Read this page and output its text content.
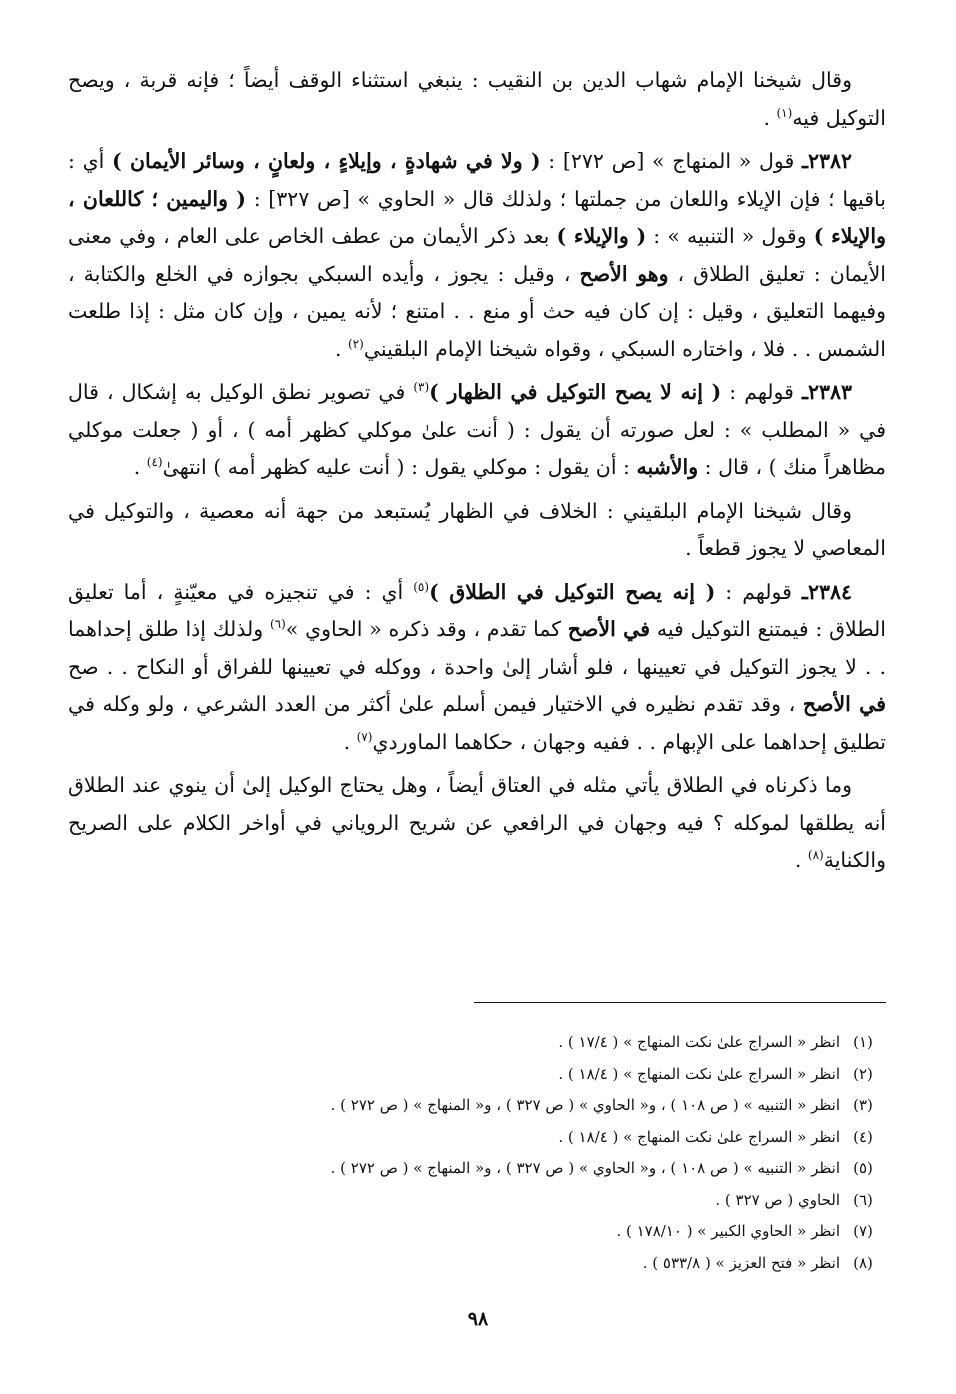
وقال شيخنا الإمام شهاب الدين بن النقيب : ينبغي استثناء الوقف أيضاً ؛ فإنه قربة ، ويصح التوكيل فيه$^{(١)}$ .

٢٣٨٢ـ قول « المنهاج » [ص ٢٧٢] : ( ولا في شهادةٍ ، وإيلاءٍ ، ولعانٍ ، وسائر الأيمان ) أي : باقيها ؛ فإن الإيلاء واللعان من جملتها ؛ ولذلك قال « الحاوي » [ص ٣٢٧] : ( واليمين ؛ كاللعان ، والإيلاء ) وقول « التنبيه » : ( والإيلاء ) بعد ذكر الأيمان من عطف الخاص على العام ، وفي معنى الأيمان : تعليق الطلاق ، وهو الأصح ، وقيل : يجوز ، وأيده السبكي بجوازه في الخلع والكتابة ، وفيهما التعليق ، وقيل : إن كان فيه حث أو منع . . امتنع ؛ لأنه يمين ، وإن كان مثل : إذا طلعت الشمس . . فلا ، واختاره السبكي ، وقواه شيخنا الإمام البلقيني$^{(٢)}$ .

٢٣٨٣ـ قولهم : ( إنه لا يصح التوكيل في الظهار )$^{(٣)}$ في تصوير نطق الوكيل به إشكال ، قال في « المطلب » : لعل صورته أن يقول : ( أنت علىٰ موكلي كظهر أمه ) ، أو ( جعلت موكلي مظاهراً منك ) ، قال : والأشبه : أن يقول : موكلي يقول : ( أنت عليه كظهر أمه ) انتهىٰ$^{(٤)}$ .

وقال شيخنا الإمام البلقيني : الخلاف في الظهار يُستبعد من جهة أنه معصية ، والتوكيل في المعاصي لا يجوز قطعاً .

٢٣٨٤ـ قولهم : ( إنه يصح التوكيل في الطلاق )$^{(٥)}$ أي : في تنجيزه في معيّنةٍ ، أما تعليق الطلاق : فيمتنع التوكيل فيه في الأصح كما تقدم ، وقد ذكره « الحاوي »$^{(٦)}$ ولذلك إذا طلق إحداهما . . لا يجوز التوكيل في تعيينها ، فلو أشار إلىٰ واحدة ، ووكله في تعيينها للفراق أو النكاح . . صح في الأصح ، وقد تقدم نظيره في الاختيار فيمن أسلم علىٰ أكثر من العدد الشرعي ، ولو وكله في تطليق إحداهما على الإبهام . . ففيه وجهان ، حكاهما الماوردي$^{(٧)}$ .

وما ذكرناه في الطلاق يأتي مثله في العتاق أيضاً ، وهل يحتاج الوكيل إلىٰ أن ينوي عند الطلاق أنه يطلقها لموكله ؟ فيه وجهان في الرافعي عن شريح الروياني في أواخر الكلام على الصريح والكناية$^{(٨)}$ .

(١)
انظر « السراج علىٰ نكت المنهاج » ( ١٧/٤ ) .
(٢)
انظر « السراج علىٰ نكت المنهاج » ( ١٨/٤ ) .
(٣)
انظر « التنبيه » ( ص ١٠٨ ) ، و« الحاوي » ( ص ٣٢٧ ) ، و« المنهاج » ( ص ٢٧٢ ) .
(٤)
انظر « السراج علىٰ نكت المنهاج » ( ١٨/٤ ) .
(٥)
انظر « التنبيه » ( ص ١٠٨ ) ، و« الحاوي » ( ص ٣٢٧ ) ، و« المنهاج » ( ص ٢٧٢ ) .
(٦)
الحاوي ( ص ٣٢٧ ) .
(٧)
انظر « الحاوي الكبير » ( ١٧٨/١٠ ) .
(٨)
انظر « فتح العزيز » ( ٥٣٣/٨ ) .
٩٨
